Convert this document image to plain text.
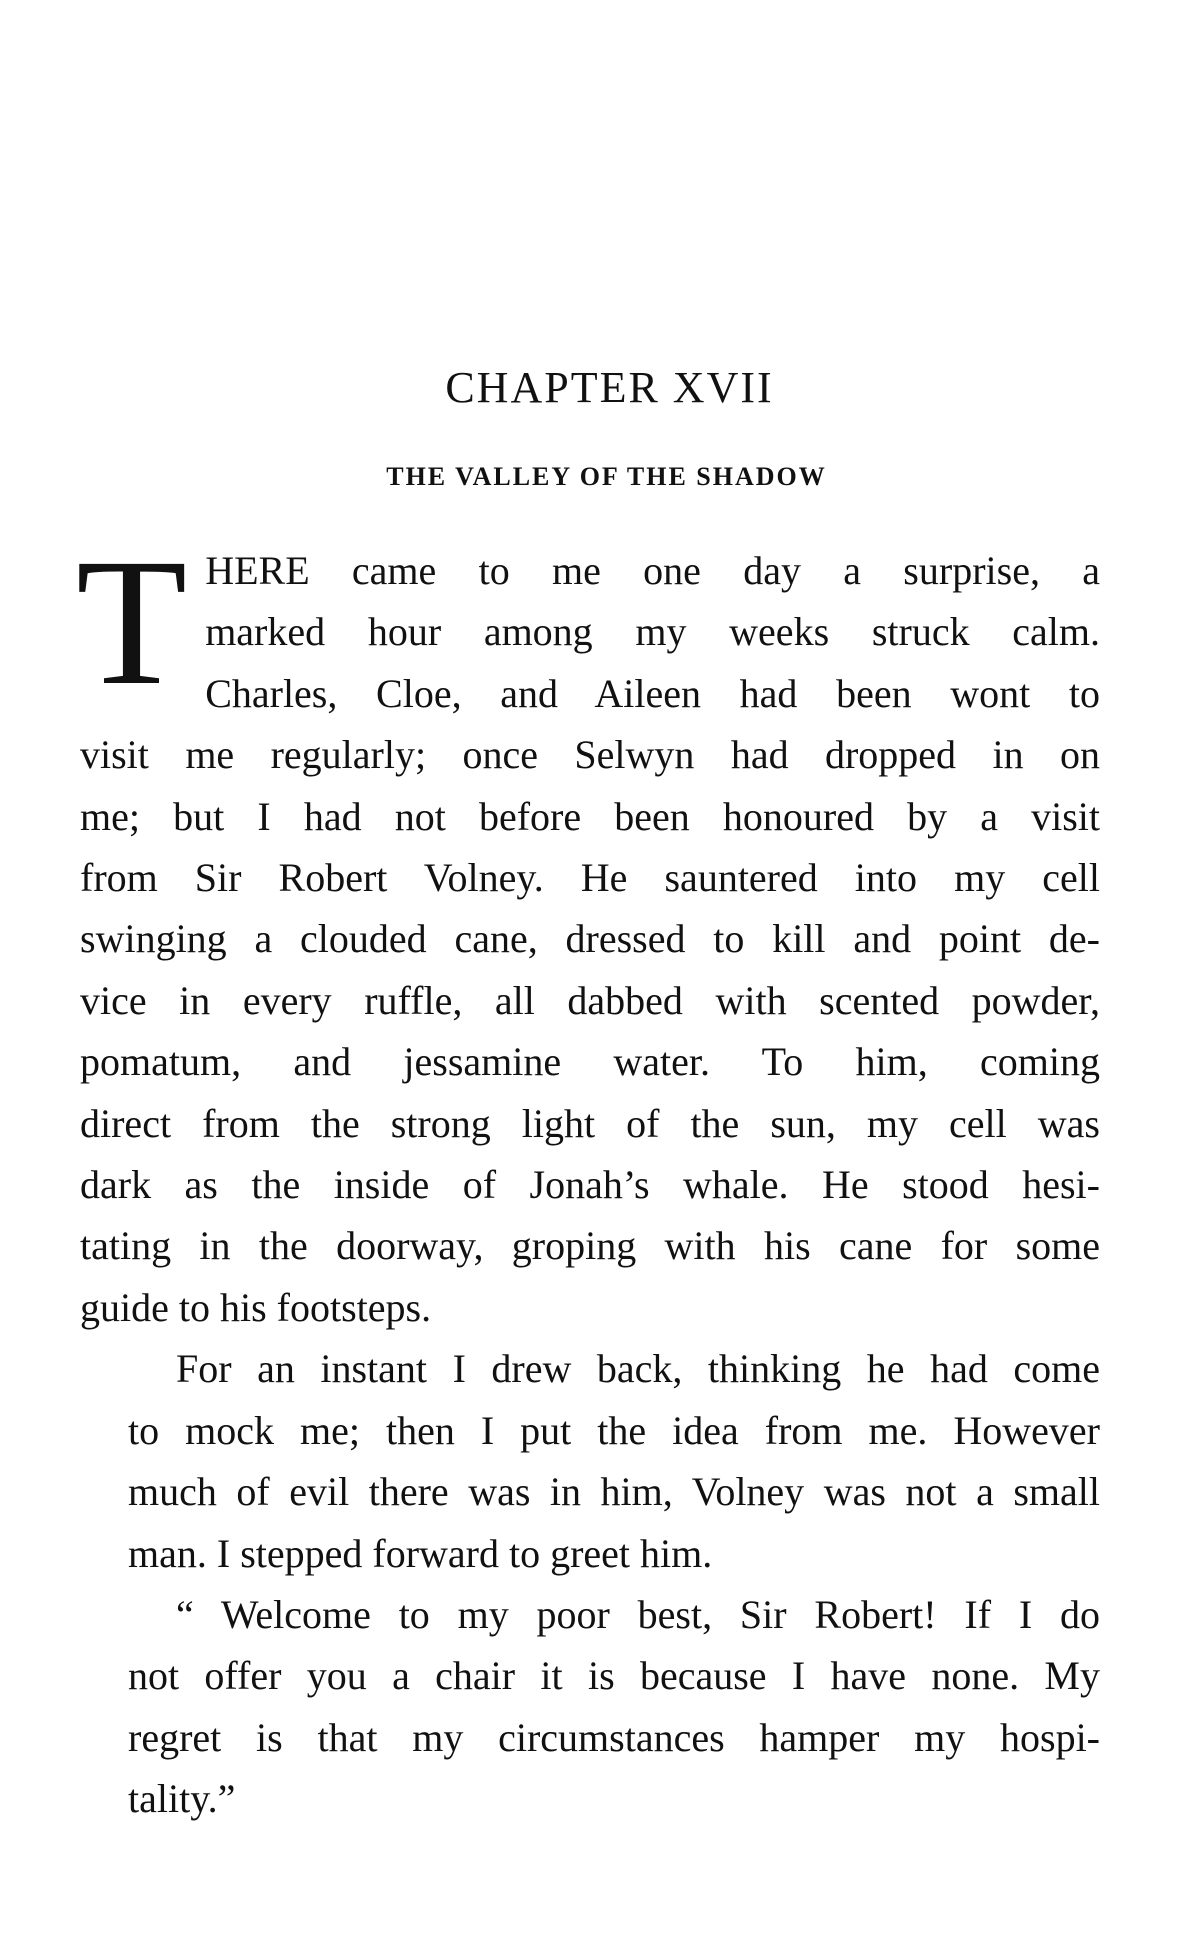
CHAPTER XVII
THE VALLEY OF THE SHADOW

T HERE came to me one day a surprise, a
marked hour among my weeks struck calm.
Charles, Cloe, and Aileen had been wont to
visit me regularly; once Selwyn had dropped in on
me; but I had not before been honoured by a visit
from Sir Robert Volney. He sauntered into my cell
swinging a clouded cane, dressed to kill and point de-
vice in every ruffle, all dabbed with scented powder,
pomatum, and jessamine water. To him, coming
direct from the strong light of the sun, my cell was
dark as the inside of Jonah’s whale. He stood hesi-
tating in the doorway, groping with his cane for some
guide to his footsteps.

For an instant I drew back, thinking he had come
to mock me; then I put the idea from me. However
much of evil there was in him, Volney was not a small
man. I stepped forward to greet him.

“ Welcome to my poor best, Sir Robert! If I do
not offer you a chair it is because I have none. My
regret is that my circumstances hamper my hospi-
tality.”
